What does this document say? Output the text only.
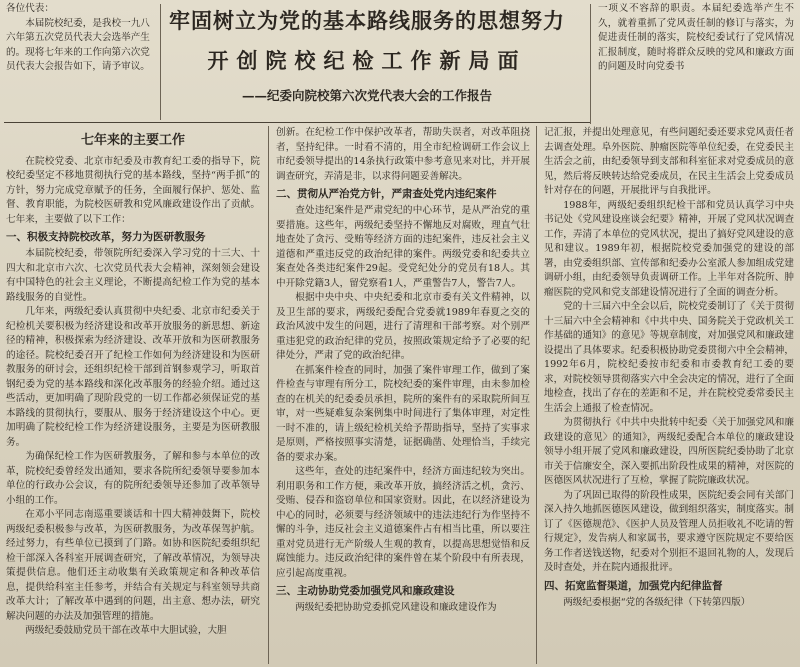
各位代表：

本届院校纪委，是我校一九八六年第五次党员代表大会选举产生的。现将七年来的工作向第六次党员代表大会报告如下，请予审议。

牢固树立为党的基本路线服务的思想努力
开创院校纪检工作新局面
——纪委向院校第六次党代表大会的工作报告

一项义不容辞的职责。本届纪委选举产生不久，就着重抓了党风责任制的修订与落实，为促进责任制的落实，院校纪委试行了党风情况汇报制度，随时将群众反映的党风和廉政方面的问题及时向党委书

七年来的主要工作

在院校党委、北京市纪委及市教育纪工委的指导下，院校纪委坚定不移地贯彻执行党的基本路线，坚持“两手抓”的方针，努力完成党章赋予的任务，全面履行保护、惩处、监督、教育职能，为院校医研教和党风廉政建设作出了贡献。七年来，主要做了以下工作：

一、积极支持院校改革，努力为医研教服务

本届院校纪委，带领院所纪委深入学习党的十三大、十四大和北京市六次、七次党员代表大会精神，深刻领会建设有中国特色的社会主义理论，不断提高纪检工作为党的基本路线服务的自觉性。

几年来，两级纪委认真贯彻中央纪委、北京市纪委关于纪检机关要积极为经济建设和改革开放服务的新思想、新途径的精神，积极探索为经济建设、改革开放和为医研教服务的途径。院校纪委召开了纪检工作如何为经济建设和为医研教服务的研讨会，还组织纪检干部到首钢参观学习，听取首钢纪委为党的基本路线和深化改革服务的经验介绍。通过这些活动，更加明确了现阶段党的一切工作都必须保证党的基本路线的贯彻执行，要服从、服务于经济建设这个中心。更加明确了院校纪检工作为经济建设服务，主要是为医研教服务。

为确保纪检工作为医研教服务，了解和参与本单位的改革，院校纪委曾经发出通知，要求各院所纪委领导要参加本单位的行政办公会议，有的院所纪委领导还参加了改革领导小组的工作。

在邓小平同志南巡重要谈话和十四大精神鼓舞下，院校两级纪委积极参与改革，为医研教服务，为改革保驾护航。经过努力，有些单位已摸到了门路。如协和医院纪委组织纪检干部深入各科室开展调查研究，了解改革情况，为领导决策提供信息。他们还主动收集有关政策规定和各种改革信息，提供给科室主任参考，并结合有关规定与科室领导共商改革大计；了解改革中遇到的问题，出主意、想办法，研究解决问题的办法及加强管理的措施。

两级纪委鼓励党员干部在改革中大胆试验，大胆

创新。在纪检工作中保护改革者，帮助失误者，对改革阻挠者，坚持纪律。一时看不清的，用全市纪检调研工作会议上市纪委领导提出的14条执行政策中参考意见来对比，并开展调查研究，弄清是非，以求得问题妥善解决。

二、贯彻从严治党方针，严肃查处党内违纪案件

查处违纪案件是严肃党纪的中心环节，是从严治党的重要措施。这些年，两级纪委坚持不懈地反对腐败，理直气壮地查处了贪污、受贿等经济方面的违纪案件，违反社会主义道德和严重违反党的政治纪律的案件。两级党委和纪委共立案查处各类违纪案件29起。受党纪处分的党员有18人。其中开除党籍3人，留党察看1人，严重警告7人，警告7人。

根据中央中央、中央纪委和北京市委有关文件精神，以及卫生部的要求，两级纪委配合党委就1989年春夏之交的政治风波中发生的问题，进行了清理和干部考察。对个别严重违犯党的政治纪律的党员，按照政策规定给予了必要的纪律处分，严肃了党的政治纪律。

在抓案件检查的同时，加强了案件审理工作，做到了案件检查与审理有所分工，院校纪委的案件审理，由未参加检查的在机关的纪委委员承担，院所的案件有的采取院所间互审，对一些疑难复杂案例集中时间进行了集体审理，对定性一时不准的，请上级纪检机关给予帮助指导，坚持了实事求是原则，严格按照事实清楚，证据确凿、处理恰当，手续完备的要求办案。

这些年，查处的违纪案件中，经济方面违纪较为突出。利用职务和工作方便，乘改革开放，搞经济活之机，贪污、受贿、侵吞和盗窃单位和国家资财。因此，在以经济建设为中心的同时，必须要与经济领域中的违法违纪行为作坚持不懈的斗争，违反社会主义道德案件占有相当比重，所以要注重对党员进行无产阶级人生观的教育，以提高思想觉悟和反腐蚀能力。违反政治纪律的案件曾在某个阶段中有所表现，应引起高度重视。

三、主动协助党委加强党风和廉政建设

两级纪委把协助党委抓党风建设和廉政建设作为

记汇报，并提出处理意见，有些问题纪委还要求党风责任者去调查处理。阜外医院、肿瘤医院等单位纪委，在党委民主生活会之前，由纪委领导到支部和科室征求对党委成员的意见，然后将反映转达给党委成员，在民主生活会上党委成员针对存在的问题，开展批评与自我批评。

1988年，两级纪委组织纪检干部和党员认真学习中央书记处《党风建设座谈会纪要》精神，开展了党风状况调查工作，弄清了本单位的党风状况，提出了搞好党风建设的意见和建议。1989年初，根据院校党委加强党的建设的部署，由党委组织部、宣传部和纪委办公室派人参加组成党建调研小组，由纪委领导负责调研工作。上半年对各院所、肿瘤医院的党风和党支部建设情况进行了全面的调查分析。

党的十三届六中全会以后，院校党委制订了《关于贯彻十三届六中全会精神和《中共中央、国务院关于党政机关工作基础的通知》的意见》等规章制度，对加强党风和廉政建设提出了具体要求。纪委积极协助党委贯彻六中全会精神，1992年6月，院校纪委按市纪委和市委教育纪工委的要求，对院校领导贯彻落实六中全会决定的情况，进行了全面地检查，找出了存在的差距和不足，并在院校党委常委民主生活会上通报了检查情况。

为贯彻执行《中共中央批转中纪委〈关于加强党风和廉政建设的意见〉的通知》，两级纪委配合本单位的廉政建设领导小组开展了党风和廉政建设，四所医院纪委协助了北京市关于信廉安全，深入要抓出阶段性成果的精神，对医院的医德医风状况进行了互检，掌握了院院廉政状况。

为了巩固已取得的阶段性成果，医院纪委会同有关部门深入持久地抓医德医风建设，做到组织落实，制度落实。制订了《医德规范》、《医护人员及管理人员拒收礼不吃请的暂行规定》，发告病人和家属书，要求遵守医院规定不要给医务工作者送钱送物，纪委对个别拒不退回礼物的人，发现后及时查处，并在院内通报批评。

四、拓宽监督渠道，加强党内纪律监督

两级纪委根据“党的各级纪律（下转第四版）
